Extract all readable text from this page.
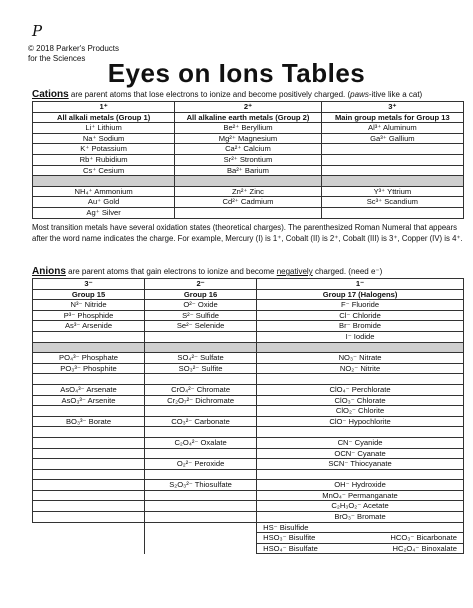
P
© 2018 Parker's Products for the Sciences Eyes on Ions Tables
Cations are parent atoms that lose electrons to ionize and become positively charged. (paws-itive like a cat)
1⁺	2⁺	3⁺
All alkali metals (Group 1)	All alkaline earth metals (Group 2)	Main group metals for Group 13
Li⁺ Lithium	Be²⁺ Beryllium	Al³⁺ Aluminum
Na⁺ Sodium	Mg²⁺ Magnesium	Ga³⁺ Gallium
K⁺ Potassium	Ca²⁺ Calcium	
Rb⁺ Rubidium	Sr²⁺ Strontium	
Cs⁺ Cesium	Ba²⁺ Barium	

NH₄⁺ Ammonium	Zn²⁺ Zinc	Y³⁺ Yttrium
Au⁺ Gold	Cd²⁺ Cadmium	Sc³⁺ Scandium
Ag⁺ Silver		
Most transition metals have several oxidation states (theoretical charges). The parenthesized Roman Numeral that appears after the word name indicates the charge. For example, Mercury (I) is 1⁺, Cobalt (II) is 2⁺, Cobalt (III) is 3⁺, Copper (IV) is 4⁺.
Anions are parent atoms that gain electrons to ionize and become negatively charged. (need e⁻)
3⁻	2⁻	1⁻
Group 15	Group 16	Group 17 (Halogens)
N³⁻ Nitride	O²⁻ Oxide	F⁻ Fluoride
P³⁻ Phosphide	S²⁻ Sulfide	Cl⁻ Chloride
As³⁻ Arsenide	Se²⁻ Selenide	Br⁻ Bromide
		I⁻ Iodide

PO₄³⁻ Phosphate	SO₄²⁻ Sulfate	NO₃⁻ Nitrate
PO₃³⁻ Phosphite	SO₃²⁻ Sulfite	NO₂⁻ Nitrite

AsO₄³⁻ Arsenate	CrO₄²⁻ Chromate	ClO₄⁻ Perchlorate
AsO₃³⁻ Arsenite	Cr₂O₇²⁻ Dichromate	ClO₃⁻ Chlorate
		ClO₂⁻ Chlorite
BO₃³⁻ Borate	CO₃²⁻ Carbonate	ClO⁻ Hypochlorite

	C₂O₄²⁻ Oxalate	CN⁻ Cyanide
		OCN⁻ Cyanate
	O₂²⁻ Peroxide	SCN⁻ Thiocyanate

	S₂O₃²⁻ Thiosulfate	OH⁻ Hydroxide
		MnO₄⁻ Permanganate
		C₂H₃O₂⁻ Acetate
		BrO₃⁻ Bromate

		HS⁻ Bisulfide

		HSO₃⁻ Bisulfite HCO₃⁻ Bicarbonate

		HSO₄⁻ Bisulfate HC₂O₄⁻ Binoxalate
